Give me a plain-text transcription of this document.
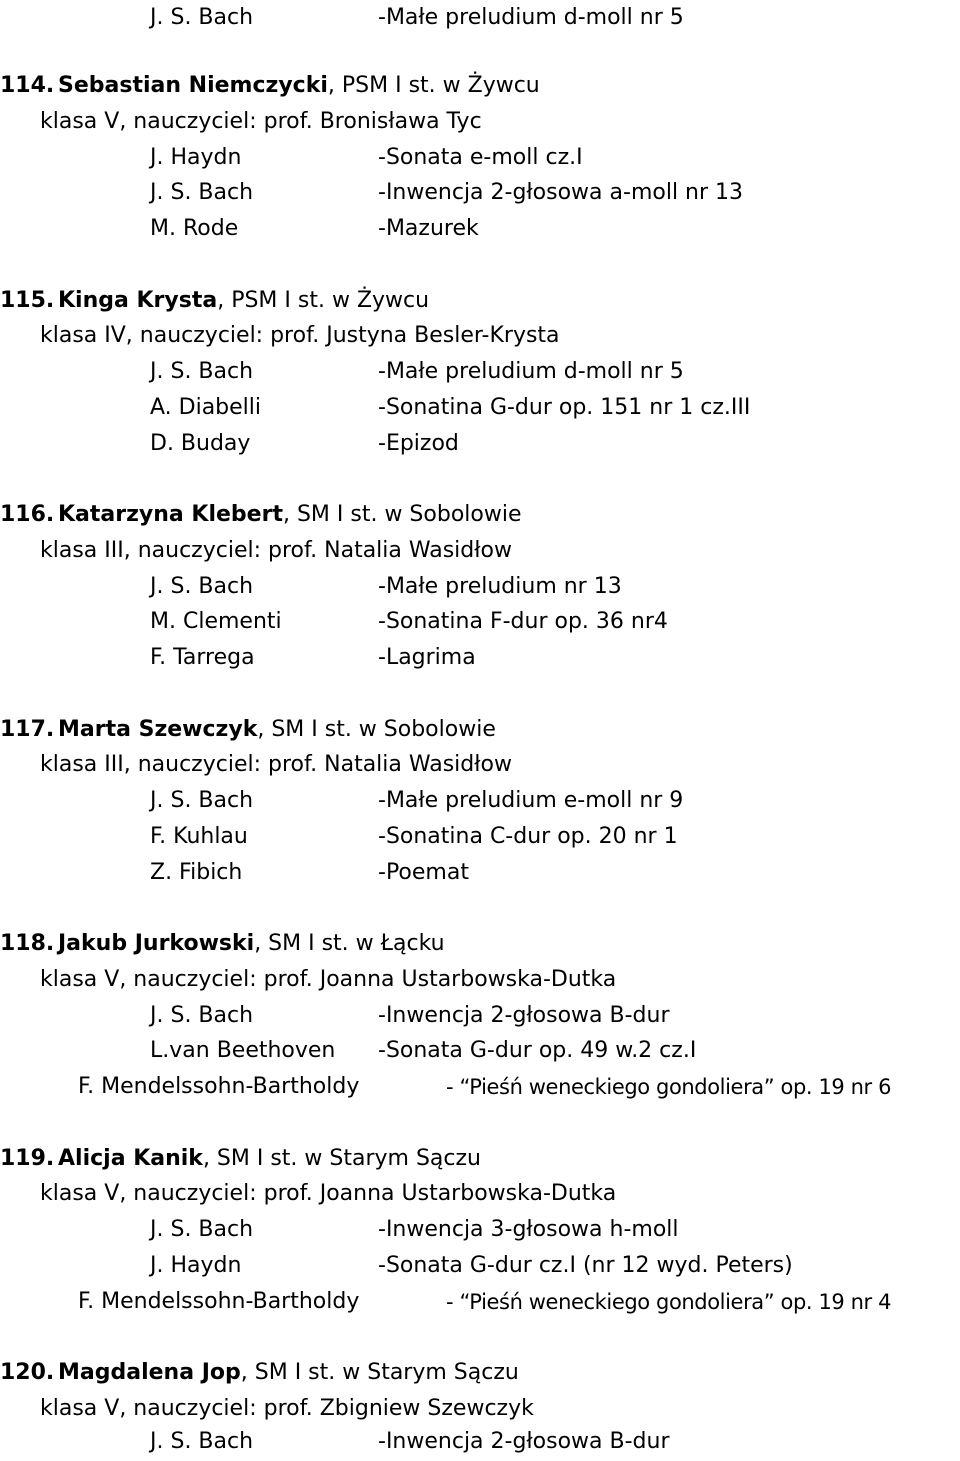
J. S. Bach	-Małe preludium d-moll nr 5
114. Sebastian Niemczycki, PSM I st. w Żywcu
klasa V, nauczyciel: prof. Bronisława Tyc
J. Haydn	-Sonata e-moll cz.I
J. S. Bach	-Inwencja 2-głosowa a-moll nr 13
M. Rode	-Mazurek
115. Kinga Krysta, PSM I st. w Żywcu
klasa IV, nauczyciel: prof. Justyna Besler-Krysta
J. S. Bach	-Małe preludium d-moll nr 5
A. Diabelli	-Sonatina G-dur op. 151 nr 1 cz.III
D. Buday	-Epizod
116. Katarzyna Klebert, SM I st. w Sobolowie
klasa III, nauczyciel: prof. Natalia Wasidłow
J. S. Bach	-Małe preludium nr 13
M. Clementi	-Sonatina F-dur op. 36 nr4
F. Tarrega	-Lagrima
117. Marta Szewczyk, SM I st. w Sobolowie
klasa III, nauczyciel: prof. Natalia Wasidłow
J. S. Bach	-Małe preludium e-moll nr 9
F. Kuhlau	-Sonatina C-dur op. 20 nr 1
Z. Fibich	-Poemat
118. Jakub Jurkowski, SM I st. w Łącku
klasa V, nauczyciel: prof. Joanna Ustarbowska-Dutka
J. S. Bach	-Inwencja 2-głosowa B-dur
L.van Beethoven -Sonata G-dur op. 49 w.2 cz.I
F. Mendelssohn-Bartholdy	- “Pieśń weneckiego gondoliera” op. 19 nr 6
119. Alicja Kanik, SM I st. w Starym Sączu
klasa V, nauczyciel: prof. Joanna Ustarbowska-Dutka
J. S. Bach	-Inwencja 3-głosowa h-moll
J. Haydn	-Sonata G-dur cz.I (nr 12 wyd. Peters)
F. Mendelssohn-Bartholdy	- “Pieśń weneckiego gondoliera” op. 19 nr 4
120. Magdalena Jop, SM I st. w Starym Sączu
klasa V, nauczyciel: prof. Zbigniew Szewczyk
J. S. Bach	-Inwencja 2-głosowa B-dur
